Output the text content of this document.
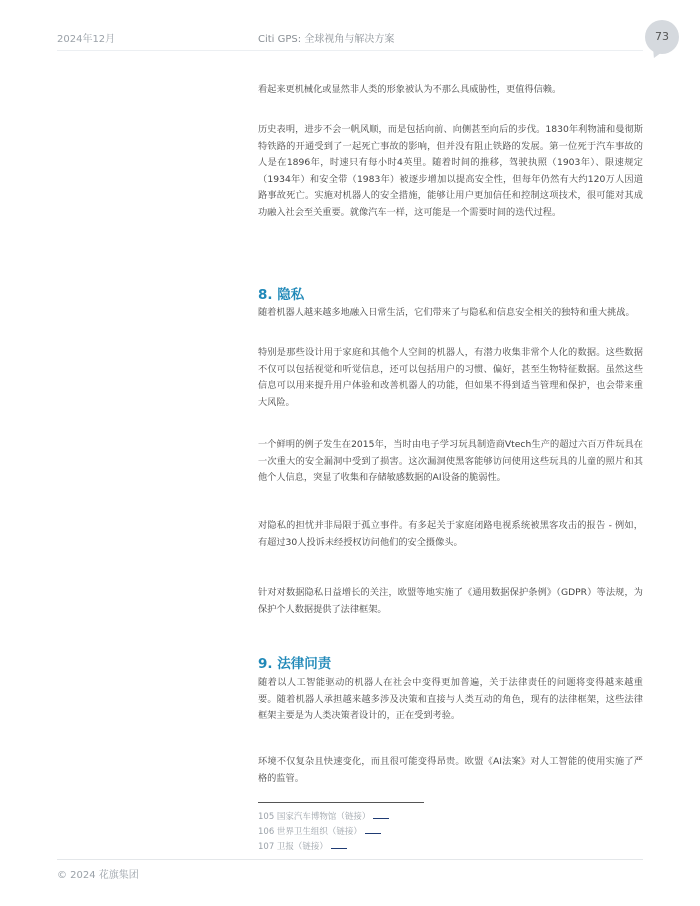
2024年12月	Citi GPS: 全球视角与解决方案	73

看起来更机械化或显然非人类的形象被认为不那么具威胁性，更值得信赖。

历史表明，进步不会一帆风顺，而是包括向前、向侧甚至向后的步伐。1830年利物浦和曼彻斯特铁路的开通受到了一起死亡事故的影响，但并没有阻止铁路的发展。第一位死于汽车事故的人是在1896年，时速只有每小时4英里。随着时间的推移，驾驶执照（1903年）、限速规定（1934年）和安全带（1983年）被逐步增加以提高安全性，但每年仍然有大约120万人因道路事故死亡。实施对机器人的安全措施，能够让用户更加信任和控制这项技术，很可能对其成功融入社会至关重要。就像汽车一样，这可能是一个需要时间的迭代过程。

8. 隐私

随着机器人越来越多地融入日常生活，它们带来了与隐私和信息安全相关的独特和重大挑战。

特别是那些设计用于家庭和其他个人空间的机器人，有潜力收集非常个人化的数据。这些数据不仅可以包括视觉和听觉信息，还可以包括用户的习惯、偏好，甚至生物特征数据。虽然这些信息可以用来提升用户体验和改善机器人的功能，但如果不得到适当管理和保护，也会带来重大风险。

一个鲜明的例子发生在2015年，当时由电子学习玩具制造商Vtech生产的超过六百万件玩具在一次重大的安全漏洞中受到了损害。这次漏洞使黑客能够访问使用这些玩具的儿童的照片和其他个人信息，突显了收集和存储敏感数据的AI设备的脆弱性。

对隐私的担忧并非局限于孤立事件。有多起关于家庭闭路电视系统被黑客攻击的报告 - 例如，有超过30人投诉未经授权访问他们的安全摄像头。

针对对数据隐私日益增长的关注，欧盟等地实施了《通用数据保护条例》（GDPR）等法规，为保护个人数据提供了法律框架。

9. 法律问责

随着以人工智能驱动的机器人在社会中变得更加普遍，关于法律责任的问题将变得越来越重要。随着机器人承担越来越多涉及决策和直接与人类互动的角色，现有的法律框架，这些法律框架主要是为人类决策者设计的，正在受到考验。

环境不仅复杂且快速变化，而且很可能变得昂贵。欧盟《AI法案》对人工智能的使用实施了严格的监管。

105 国家汽车博物馆（链接）
106 世界卫生组织（链接）
107 卫报（链接）
© 2024 花旗集团
